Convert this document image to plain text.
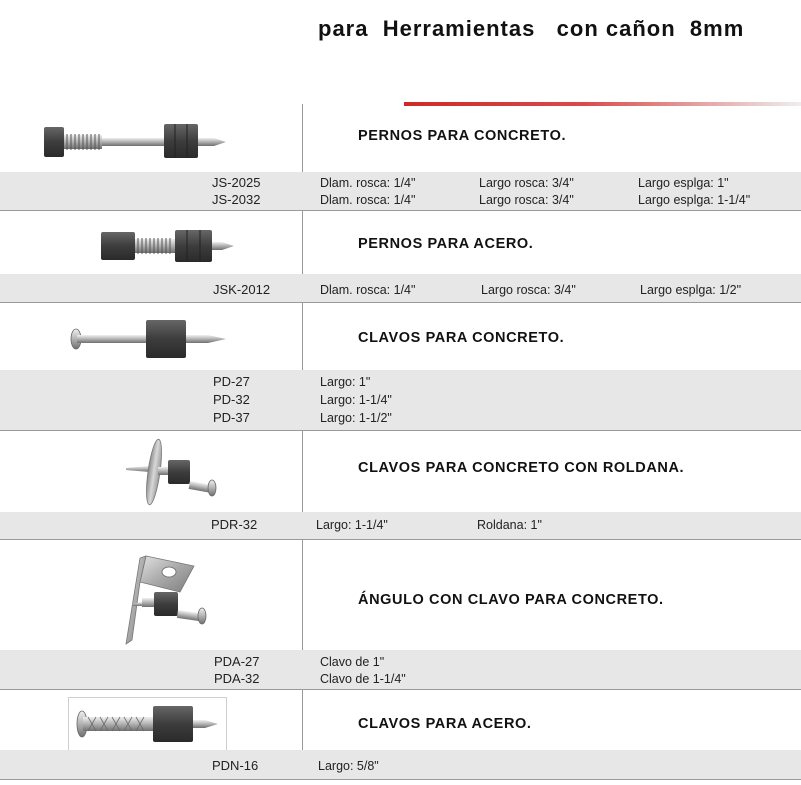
para  Herramientas   con cañon  8mm
PERNOS PARA CONCRETO.
JS-2025	Dlam. rosca: 1/4"	Largo rosca: 3/4"	Largo esplga: 1"
JS-2032	Dlam. rosca: 1/4"	Largo rosca: 3/4"	Largo esplga: 1-1/4"
PERNOS PARA ACERO.
JSK-2012	Dlam. rosca: 1/4"	Largo rosca: 3/4"	Largo esplga: 1/2"
CLAVOS PARA CONCRETO.
PD-27	Largo: 1"
PD-32	Largo: 1-1/4"
PD-37	Largo: 1-1/2"
CLAVOS PARA CONCRETO CON ROLDANA.
PDR-32	Largo: 1-1/4"	Roldana: 1"
ÁNGULO CON CLAVO PARA CONCRETO.
PDA-27	Clavo de 1"
PDA-32	Clavo de 1-1/4"
CLAVOS PARA ACERO.
PDN-16	Largo: 5/8"
